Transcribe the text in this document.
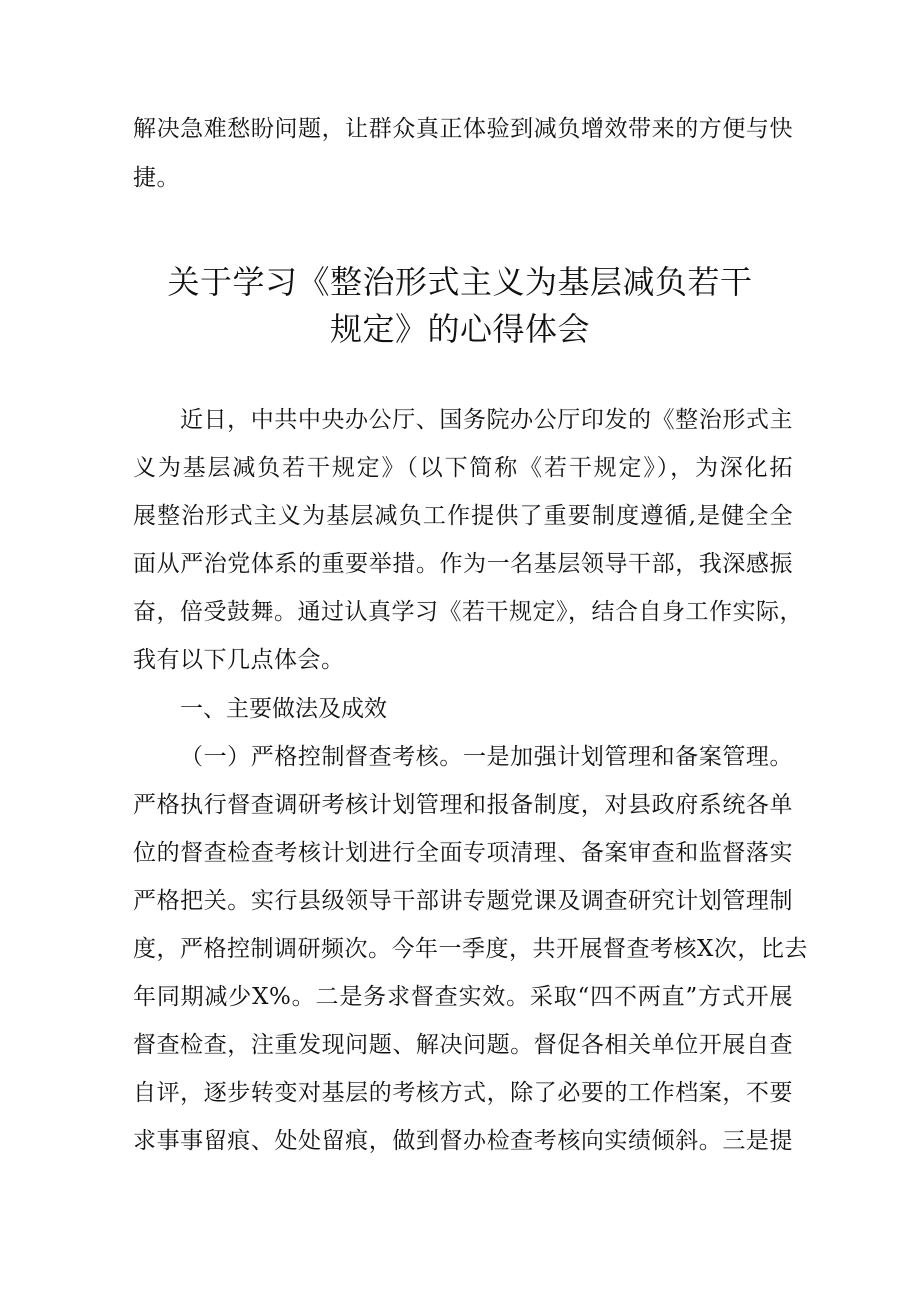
解决急难愁盼问题，让群众真正体验到减负增效带来的方便与快
捷。
关于学习《整治形式主义为基层减负若干
规定》的心得体会
近日，中共中央办公厅、国务院办公厅印发的《整治形式主
义为基层减负若干规定》（以下简称《若干规定》），为深化拓
展整治形式主义为基层减负工作提供了重要制度遵循,是健全全
面从严治党体系的重要举措。作为一名基层领导干部，我深感振
奋，倍受鼓舞。通过认真学习《若干规定》，结合自身工作实际，
我有以下几点体会。
一、主要做法及成效
（一）严格控制督查考核。一是加强计划管理和备案管理。
严格执行督查调研考核计划管理和报备制度，对县政府系统各单
位的督查检查考核计划进行全面专项清理、备案审查和监督落实
严格把关。实行县级领导干部讲专题党课及调查研究计划管理制
度，严格控制调研频次。今年一季度，共开展督查考核X次，比去
年同期减少X%。二是务求督查实效。采取“四不两直”方式开展
督查检查，注重发现问题、解决问题。督促各相关单位开展自查
自评，逐步转变对基层的考核方式，除了必要的工作档案，不要
求事事留痕、处处留痕，做到督办检查考核向实绩倾斜。三是提
